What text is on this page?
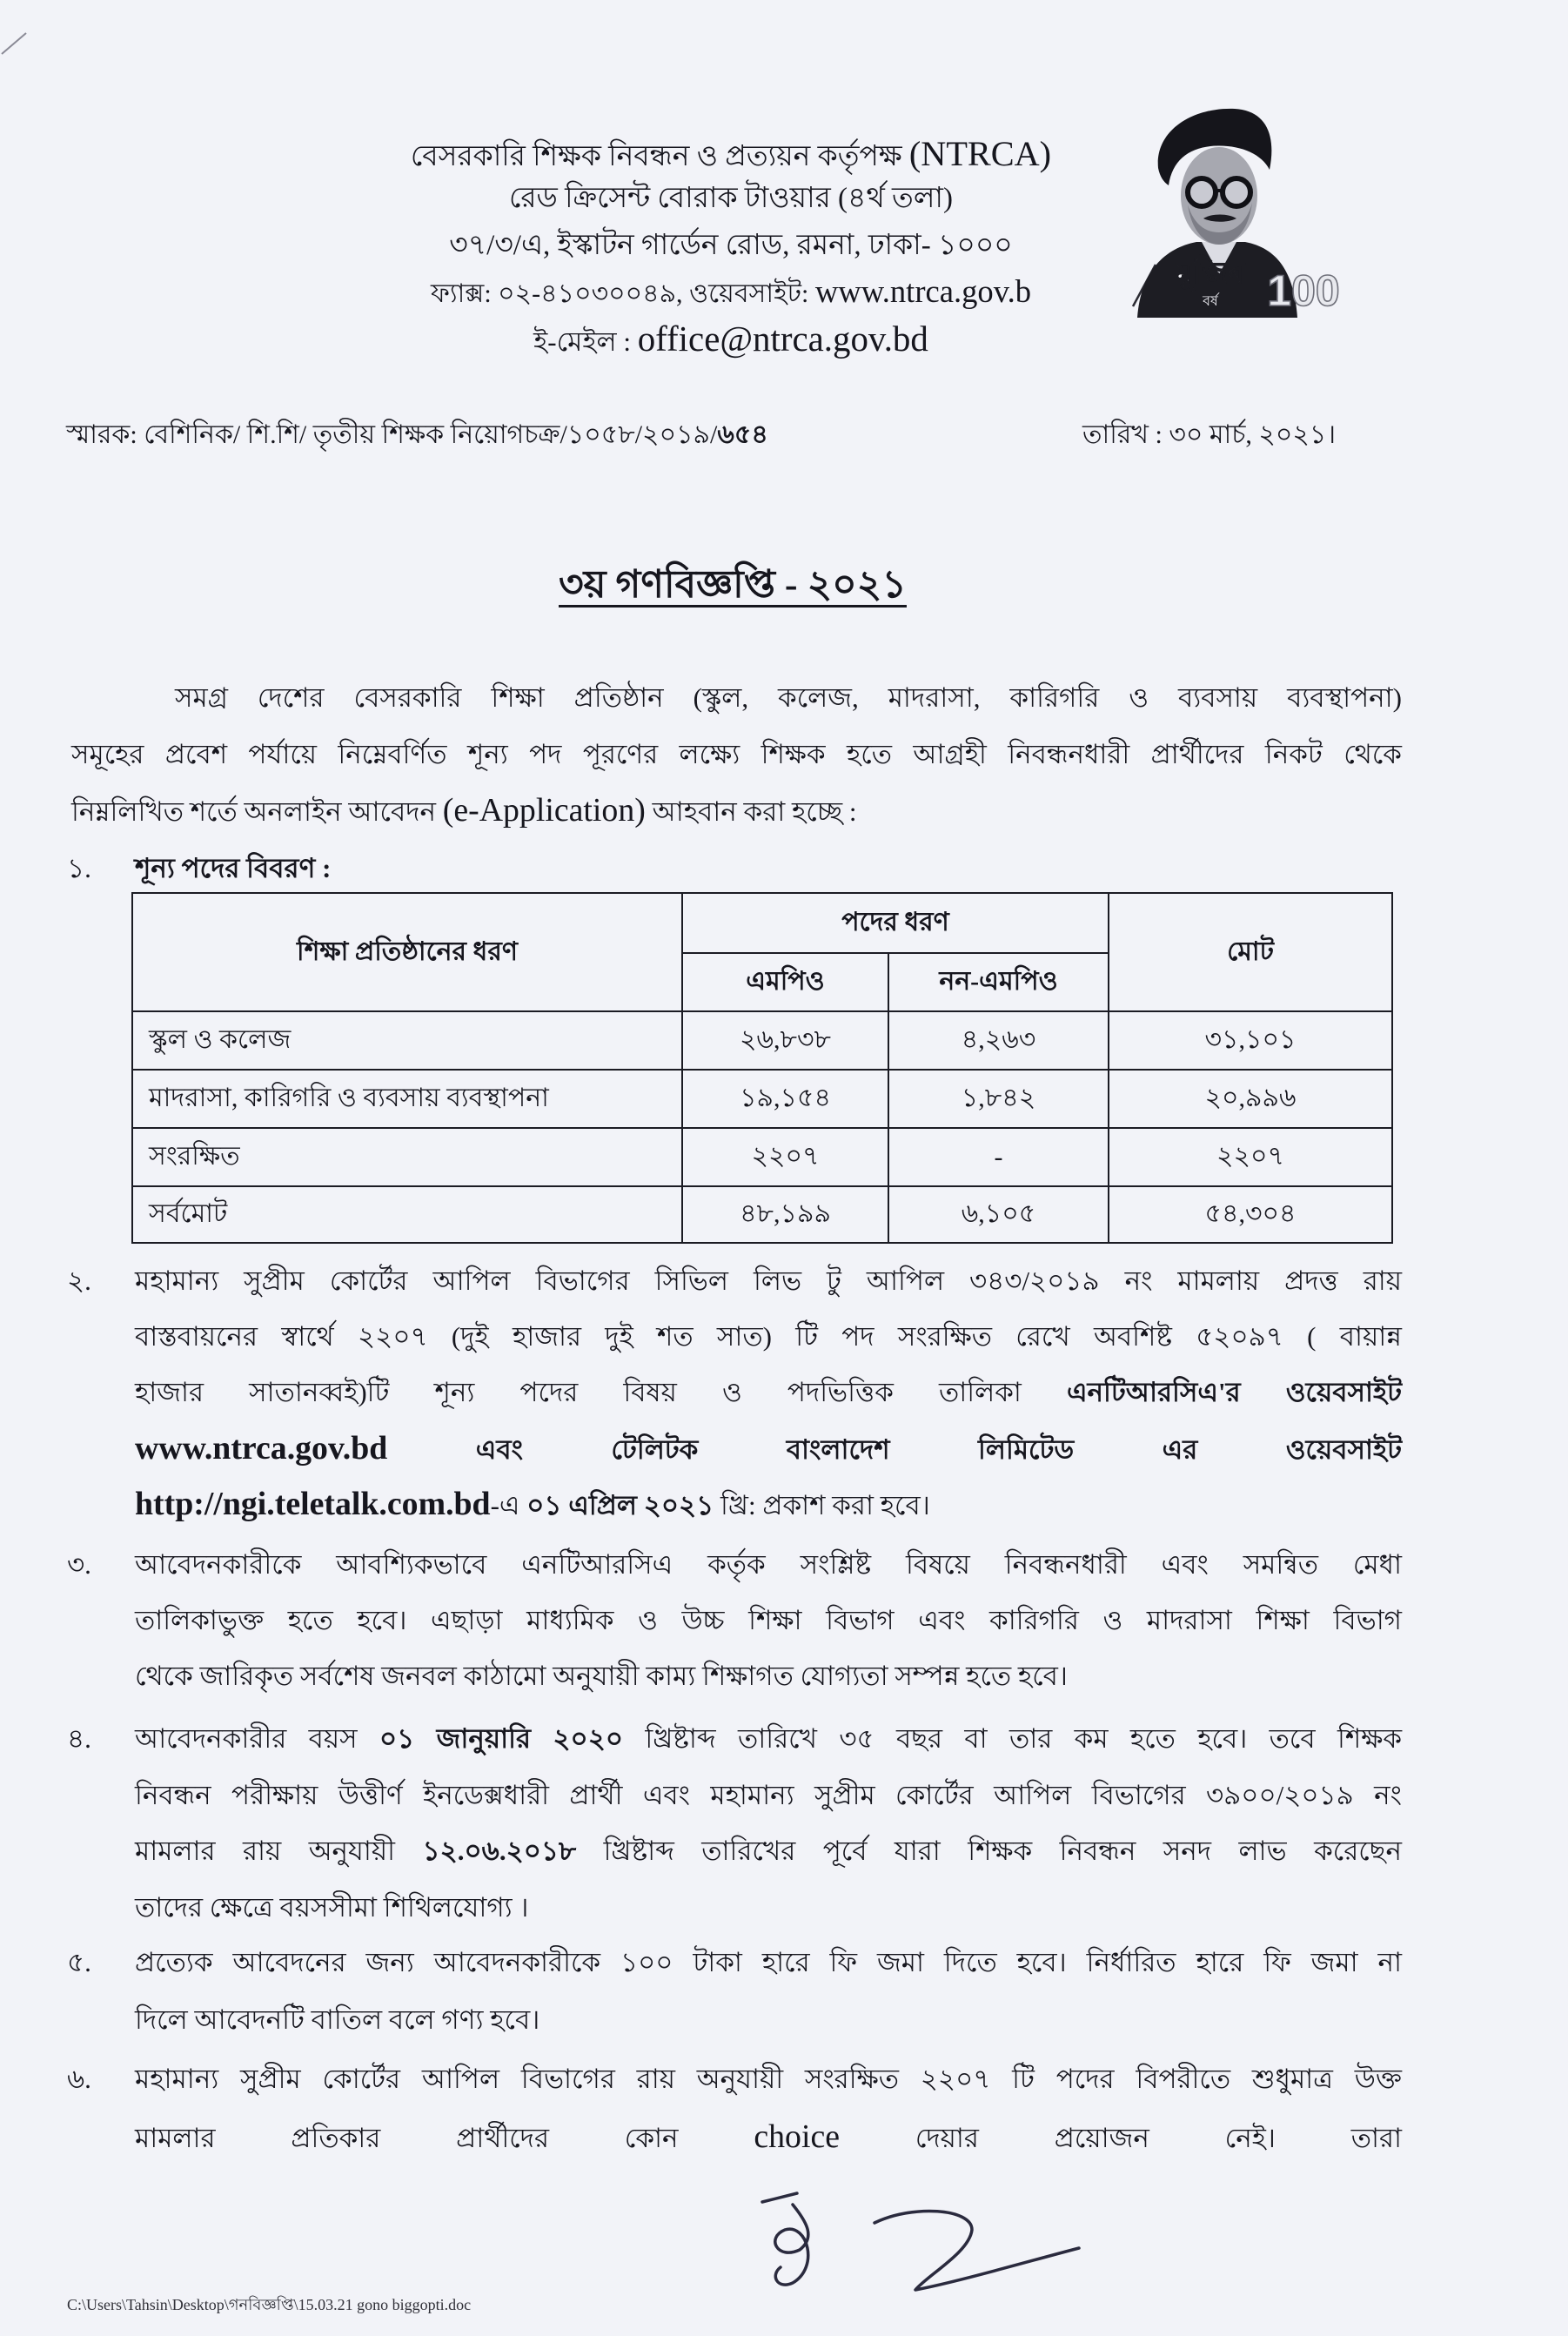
বেসরকারি শিক্ষক নিবন্ধন ও প্রত্যয়ন কর্তৃপক্ষ (NTRCA)
রেড ক্রিসেন্ট বোরাক টাওয়ার (৪র্থ তলা)
৩৭/৩/এ, ইস্কাটন গার্ডেন রোড, রমনা, ঢাকা- ১০০০
ফ্যাক্স: ০২-৪১০৩০০৪৯, ওয়েবসাইট: www.ntrca.gov.b
ই-মেইল : office@ntrca.gov.bd
মুজিব
বর্ষ 100
স্মারক: বেশিনিক/ শি.শি/ তৃতীয় শিক্ষক নিয়োগচক্র/১০৫৮/২০১৯/৬৫৪	তারিখ : ৩০ মার্চ, ২০২১।
৩য় গণবিজ্ঞপ্তি - ২০২১
সমগ্র দেশের বেসরকারি শিক্ষা প্রতিষ্ঠান (স্কুল, কলেজ, মাদরাসা, কারিগরি ও ব্যবসায় ব্যবস্থাপনা)
সমূহের প্রবেশ পর্যায়ে নিম্নেবর্ণিত শূন্য পদ পূরণের লক্ষ্যে শিক্ষক হতে আগ্রহী নিবন্ধনধারী প্রার্থীদের নিকট থেকে
নিম্নলিখিত শর্তে অনলাইন আবেদন (e-Application) আহবান করা হচ্ছে :
১. শূন্য পদের বিবরণ :
শিক্ষা প্রতিষ্ঠানের ধরণ	পদের ধরণ		মোট
	এমপিও	নন-এমপিও	
স্কুল ও কলেজ	২৬,৮৩৮	৪,২৬৩	৩১,১০১
মাদরাসা, কারিগরি ও ব্যবসায় ব্যবস্থাপনা	১৯,১৫৪	১,৮৪২	২০,৯৯৬
সংরক্ষিত	২২০৭	-	২২০৭
সর্বমোট	৪৮,১৯৯	৬,১০৫	৫৪,৩০৪
২. মহামান্য সুপ্রীম কোর্টের আপিল বিভাগের সিভিল লিভ টু আপিল ৩৪৩/২০১৯ নং মামলায় প্রদত্ত রায়
বাস্তবায়নের স্বার্থে ২২০৭ (দুই হাজার দুই শত সাত) টি পদ সংরক্ষিত রেখে অবশিষ্ট ৫২০৯৭ ( বায়ান্ন
হাজার সাতানব্বই)টি শূন্য পদের বিষয় ও পদভিত্তিক তালিকা এনটিআরসিএ'র ওয়েবসাইট
www.ntrca.gov.bd	এবং টেলিটক বাংলাদেশ লিমিটেড এর ওয়েবসাইট
http://ngi.teletalk.com.bd-এ ০১ এপ্রিল ২০২১ খ্রি: প্রকাশ করা হবে।
৩. আবেদনকারীকে আবশ্যিকভাবে এনটিআরসিএ কর্তৃক সংশ্লিষ্ট বিষয়ে নিবন্ধনধারী এবং সমন্বিত মেধা
তালিকাভুক্ত হতে হবে। এছাড়া মাধ্যমিক ও উচ্চ শিক্ষা বিভাগ এবং কারিগরি ও মাদরাসা শিক্ষা বিভাগ
থেকে জারিকৃত সর্বশেষ জনবল কাঠামো অনুযায়ী কাম্য শিক্ষাগত যোগ্যতা সম্পন্ন হতে হবে।
৪. আবেদনকারীর বয়স ০১ জানুয়ারি ২০২০ খ্রিষ্টাব্দ তারিখে ৩৫ বছর বা তার কম হতে হবে। তবে শিক্ষক
নিবন্ধন পরীক্ষায় উত্তীর্ণ ইনডেক্সধারী প্রার্থী এবং মহামান্য সুপ্রীম কোর্টের আপিল বিভাগের ৩৯০০/২০১৯ নং
মামলার রায় অনুযায়ী ১২.০৬.২০১৮ খ্রিষ্টাব্দ তারিখের পূর্বে যারা শিক্ষক নিবন্ধন সনদ লাভ করেছেন
তাদের ক্ষেত্রে বয়সসীমা শিথিলযোগ্য ।
৫. প্রত্যেক আবেদনের জন্য আবেদনকারীকে ১০০ টাকা হারে ফি জমা দিতে হবে। নির্ধারিত হারে ফি জমা না
দিলে আবেদনটি বাতিল বলে গণ্য হবে।
৬. মহামান্য সুপ্রীম কোর্টের আপিল বিভাগের রায় অনুযায়ী সংরক্ষিত ২২০৭ টি পদের বিপরীতে শুধুমাত্র উক্ত
মামলার প্রতিকার প্রার্থীদের কোন choice	দেয়ার প্রয়োজন নেই। তারা
C:\Users\Tahsin\Desktop\গনবিজ্ঞপ্তি\15.03.21 gono biggopti.doc
